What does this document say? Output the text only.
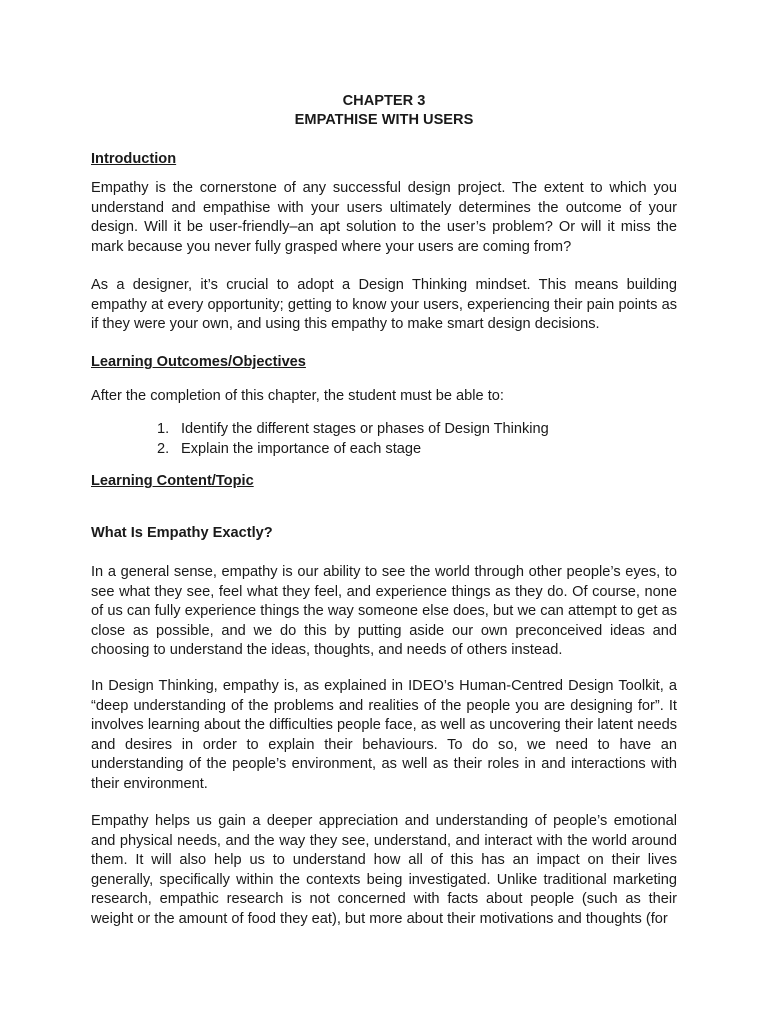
CHAPTER 3

EMPATHISE WITH USERS

Introduction

Empathy is the cornerstone of any successful design project. The extent to which you understand and empathise with your users ultimately determines the outcome of your design. Will it be user-friendly–an apt solution to the user’s problem? Or will it miss the mark because you never fully grasped where your users are coming from?

As a designer, it’s crucial to adopt a Design Thinking mindset. This means building empathy at every opportunity; getting to know your users, experiencing their pain points as if they were your own, and using this empathy to make smart design decisions.

Learning Outcomes/Objectives

After the completion of this chapter, the student must be able to:

1. Identify the different stages or phases of Design Thinking
2. Explain the importance of each stage

Learning Content/Topic

What Is Empathy Exactly?

In a general sense, empathy is our ability to see the world through other people’s eyes, to see what they see, feel what they feel, and experience things as they do. Of course, none of us can fully experience things the way someone else does, but we can attempt to get as close as possible, and we do this by putting aside our own preconceived ideas and choosing to understand the ideas, thoughts, and needs of others instead.

In Design Thinking, empathy is, as explained in IDEO’s Human-Centred Design Toolkit, a “deep understanding of the problems and realities of the people you are designing for”. It involves learning about the difficulties people face, as well as uncovering their latent needs and desires in order to explain their behaviours. To do so, we need to have an understanding of the people’s environment, as well as their roles in and interactions with their environment.

Empathy helps us gain a deeper appreciation and understanding of people’s emotional and physical needs, and the way they see, understand, and interact with the world around them. It will also help us to understand how all of this has an impact on their lives generally, specifically within the contexts being investigated. Unlike traditional marketing research, empathic research is not concerned with facts about people (such as their weight or the amount of food they eat), but more about their motivations and thoughts (for
